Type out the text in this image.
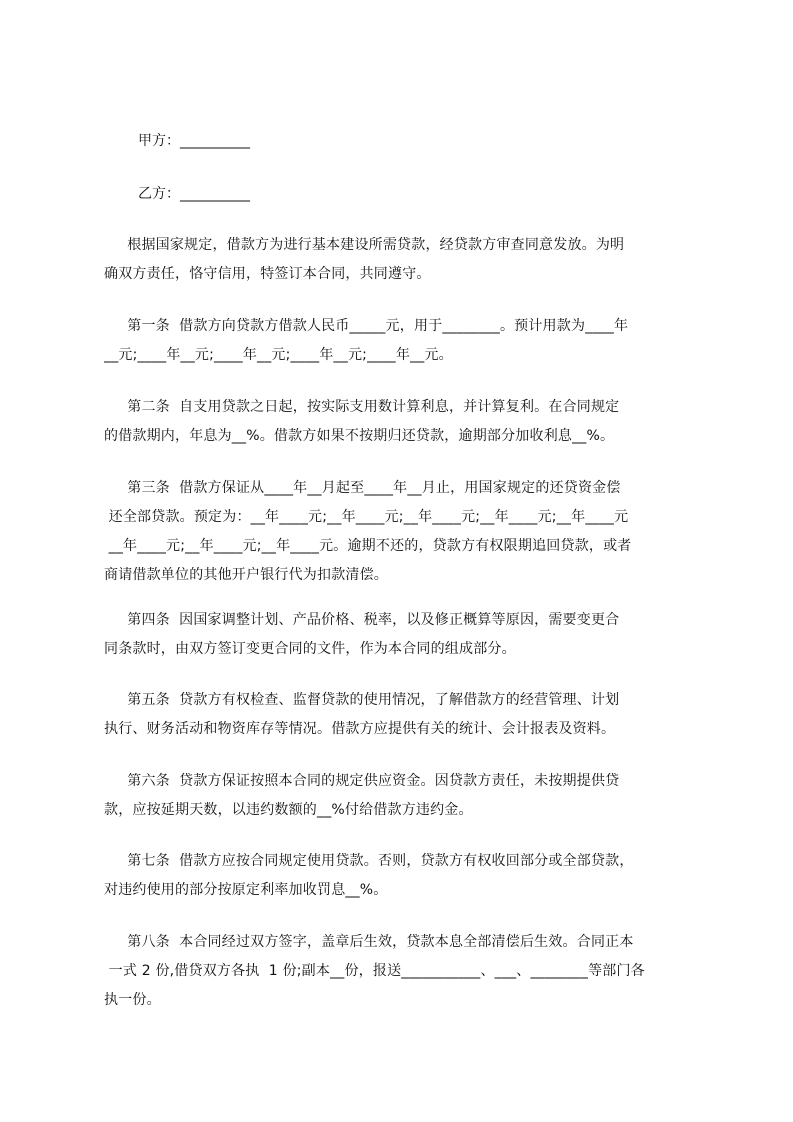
甲方：__________
乙方：__________
根据国家规定，借款方为进行基本建设所需贷款，经贷款方审查同意发放。为明
确双方责任，恪守信用，特签订本合同，共同遵守。
第一条  借款方向贷款方借款人民币_____元，用于________。预计用款为____年
__元;____年__元;____年__元;____年__元;____年__元。
第二条  自支用贷款之日起，按实际支用数计算利息，并计算复利。在合同规定
的借款期内，年息为__%。借款方如果不按期归还贷款，逾期部分加收利息__%。
第三条  借款方保证从____年__月起至____年__月止，用国家规定的还贷资金偿
还全部贷款。预定为：__年____元;__年____元;__年____元;__年____元;__年____元
__年____元;__年____元;__年____元。逾期不还的，贷款方有权限期追回贷款，或者
商请借款单位的其他开户银行代为扣款清偿。
第四条  因国家调整计划、产品价格、税率，以及修正概算等原因，需要变更合
同条款时，由双方签订变更合同的文件，作为本合同的组成部分。
第五条  贷款方有权检查、监督贷款的使用情况，了解借款方的经营管理、计划
执行、财务活动和物资库存等情况。借款方应提供有关的统计、会计报表及资料。
第六条  贷款方保证按照本合同的规定供应资金。因贷款方责任，未按期提供贷
款，应按延期天数，以违约数额的__%付给借款方违约金。
第七条  借款方应按合同规定使用贷款。否则，贷款方有权收回部分或全部贷款，
对违约使用的部分按原定利率加收罚息__%。
第八条  本合同经过双方签字，盖章后生效，贷款本息全部清偿后生效。合同正本
一式 2 份,借贷双方各执  1 份;副本__份，报送___________、___、________等部门各
执一份。
